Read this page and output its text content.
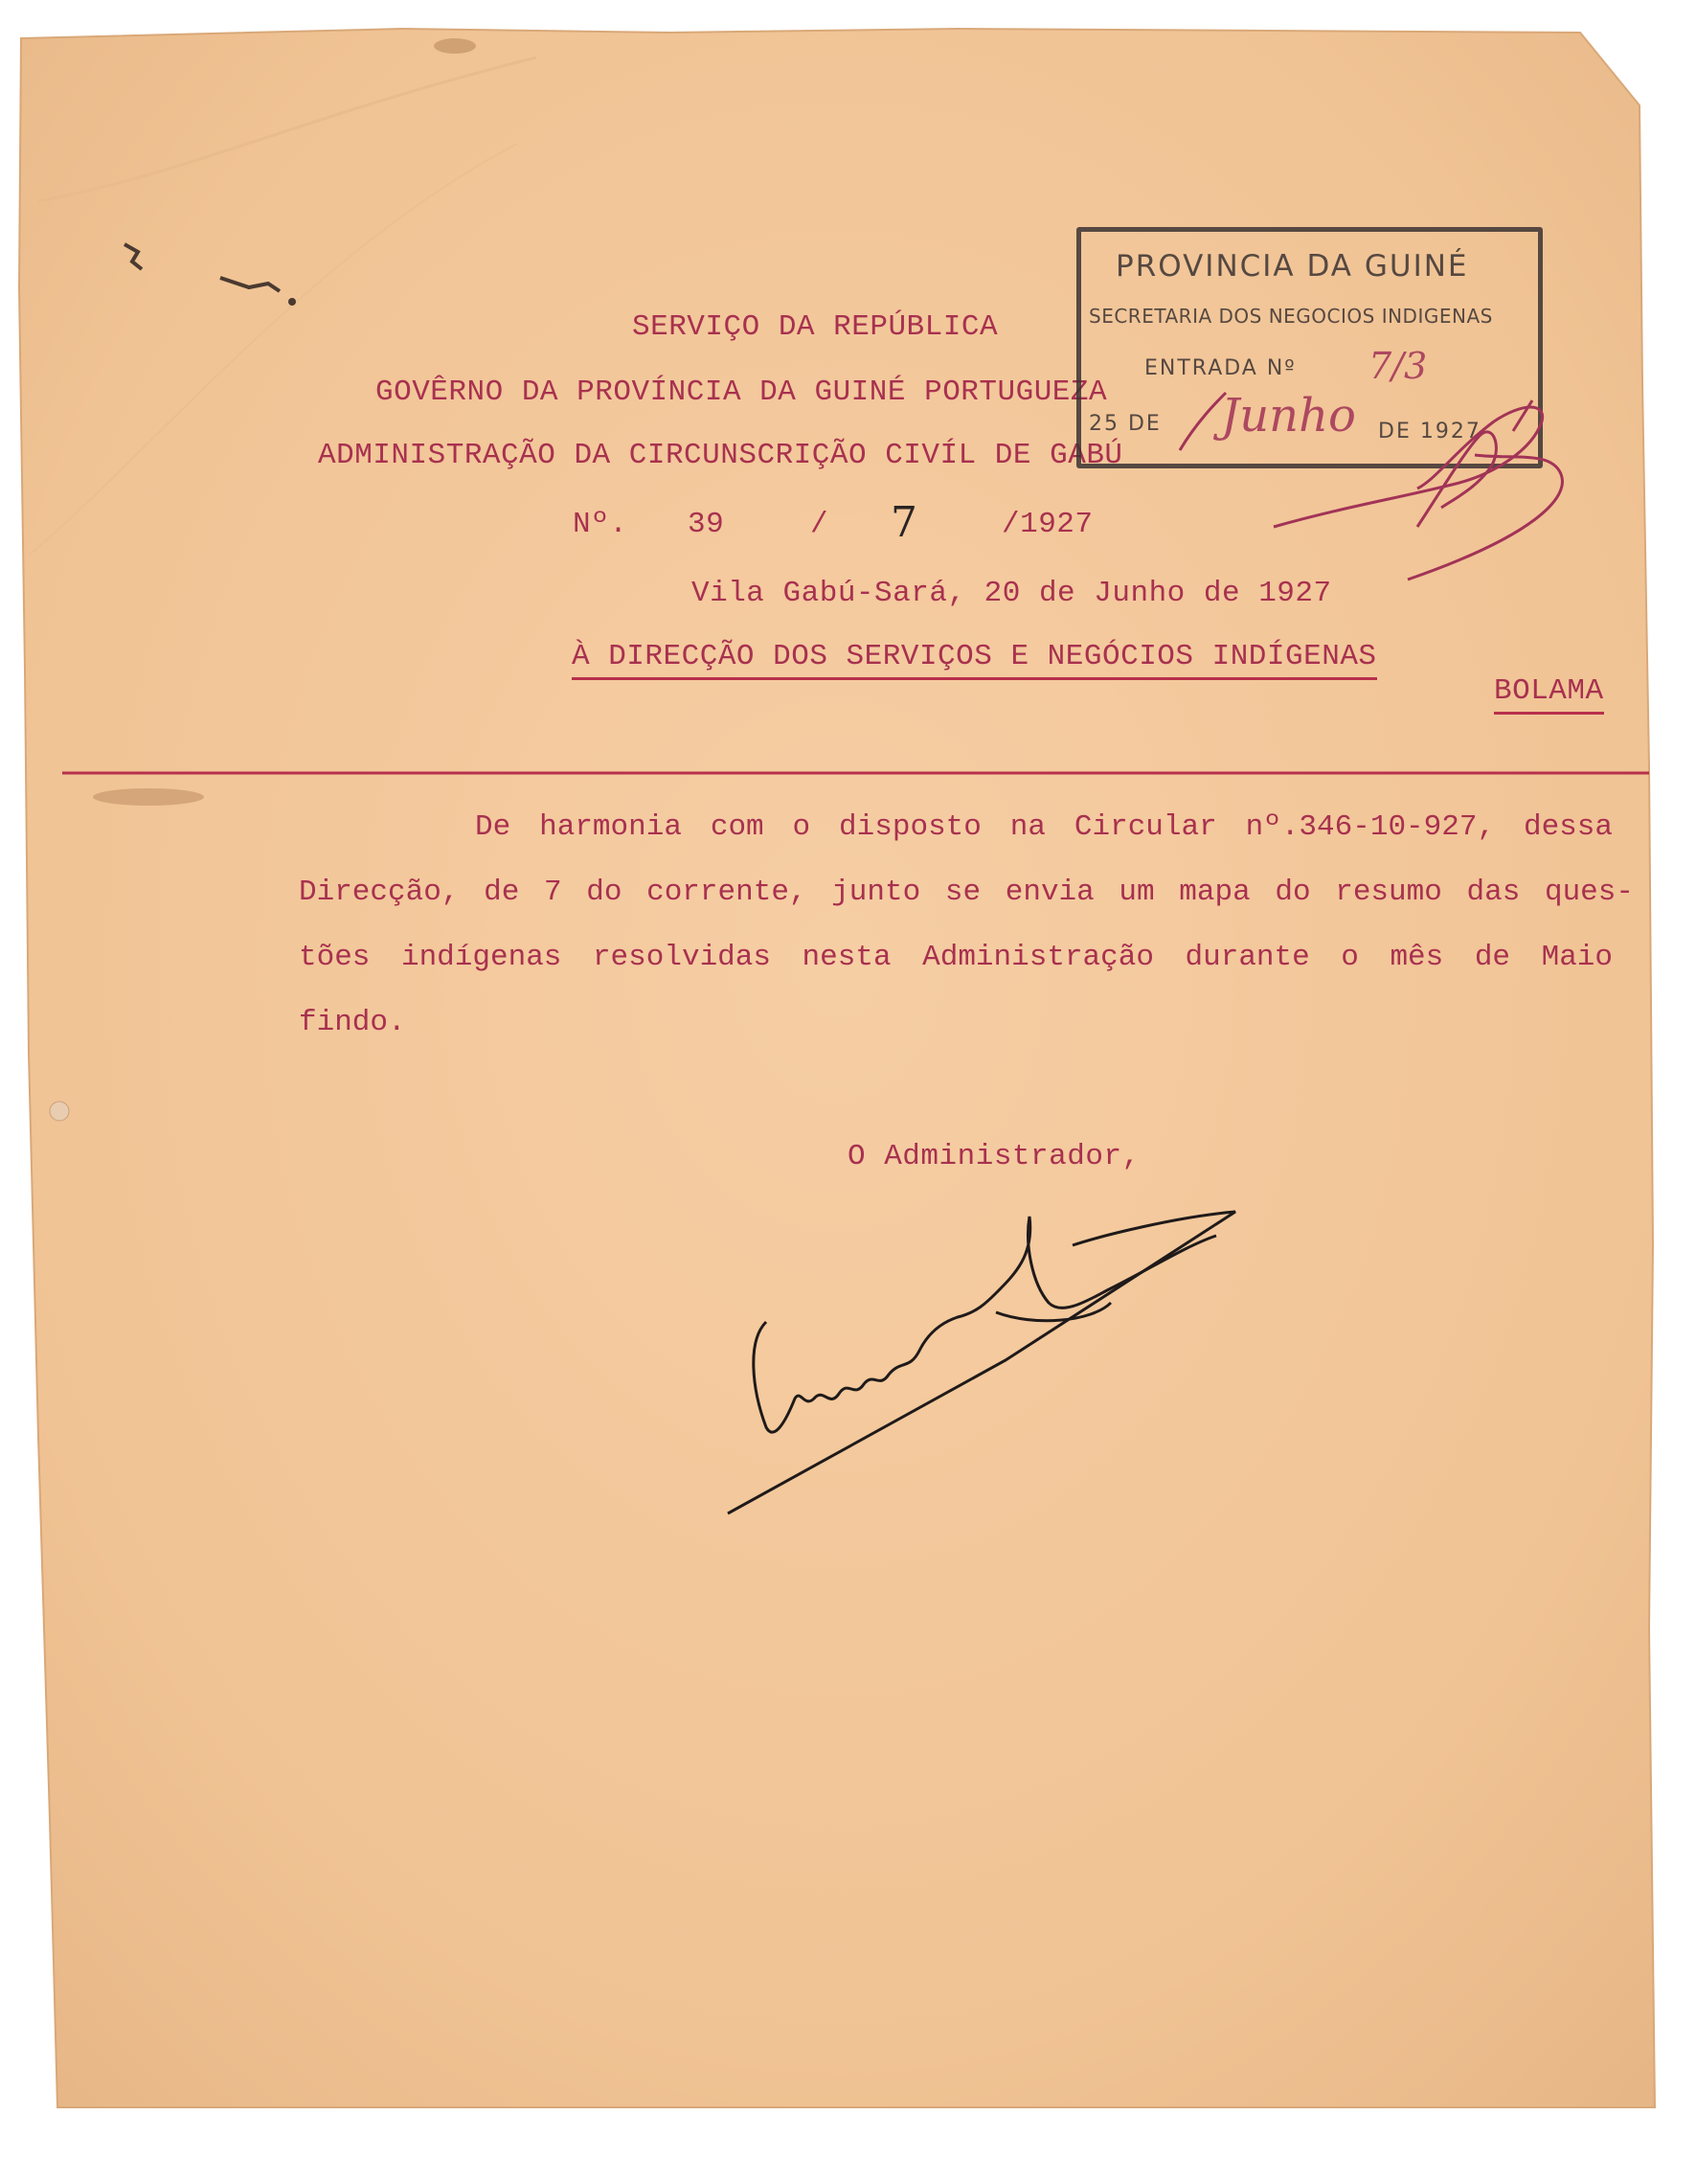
SERVIÇO DA REPÚBLICA
GOVÊRNO DA PROVÍNCIA DA GUINÉ PORTUGUEZA
ADMINISTRAÇÃO DA CIRCUNSCRIÇÃO CIVÍL DE GABÚ
Nº. 39	/ 7	/1927
Vila Gabú-Sará, 20 de Junho de 1927
À DIRECÇÃO DOS SERVIÇOS E NEGÓCIOS INDÍGENAS
BOLAMA
PROVINCIA DA GUINÉ
SECRETARIA DOS NEGOCIOS INDIGENAS
ENTRADA Nº 7/3
25 DE Junho DE 1927
De harmonia com o disposto na Circular nº.346-10-927, dessa
Direcção, de 7 do corrente, junto se envia um mapa do resumo das ques-
tões indígenas resolvidas nesta Administração durante o mês de Maio
findo.
O Administrador,
